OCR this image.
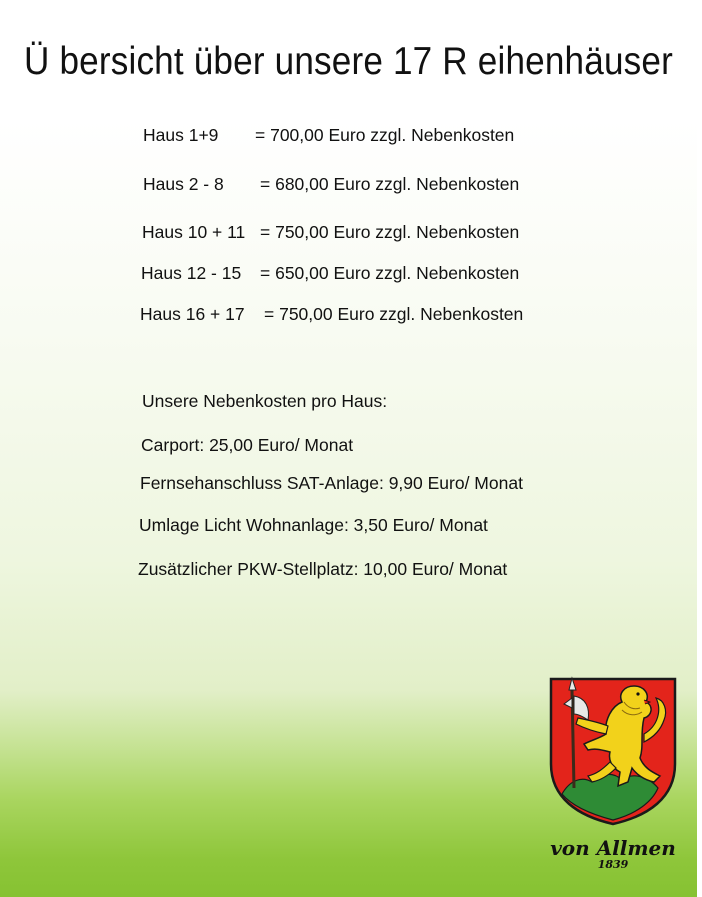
Ü bersicht über unsere 17 R eihenhäuser
Haus 1+9 = 700,00 Euro zzgl. Nebenkosten
Haus 2 - 8 = 680,00 Euro zzgl. Nebenkosten
Haus 10 + 11 = 750,00 Euro zzgl. Nebenkosten
Haus 12 - 15 = 650,00 Euro zzgl. Nebenkosten
Haus 16 + 17 = 750,00 Euro zzgl. Nebenkosten
Unsere Nebenkosten pro Haus:
Carport: 25,00 Euro/ Monat
Fernsehanschluss SAT-Anlage: 9,90 Euro/ Monat
Umlage Licht Wohnanlage: 3,50 Euro/ Monat
Zusätzlicher PKW-Stellplatz: 10,00 Euro/ Monat
von Allmen
1839
